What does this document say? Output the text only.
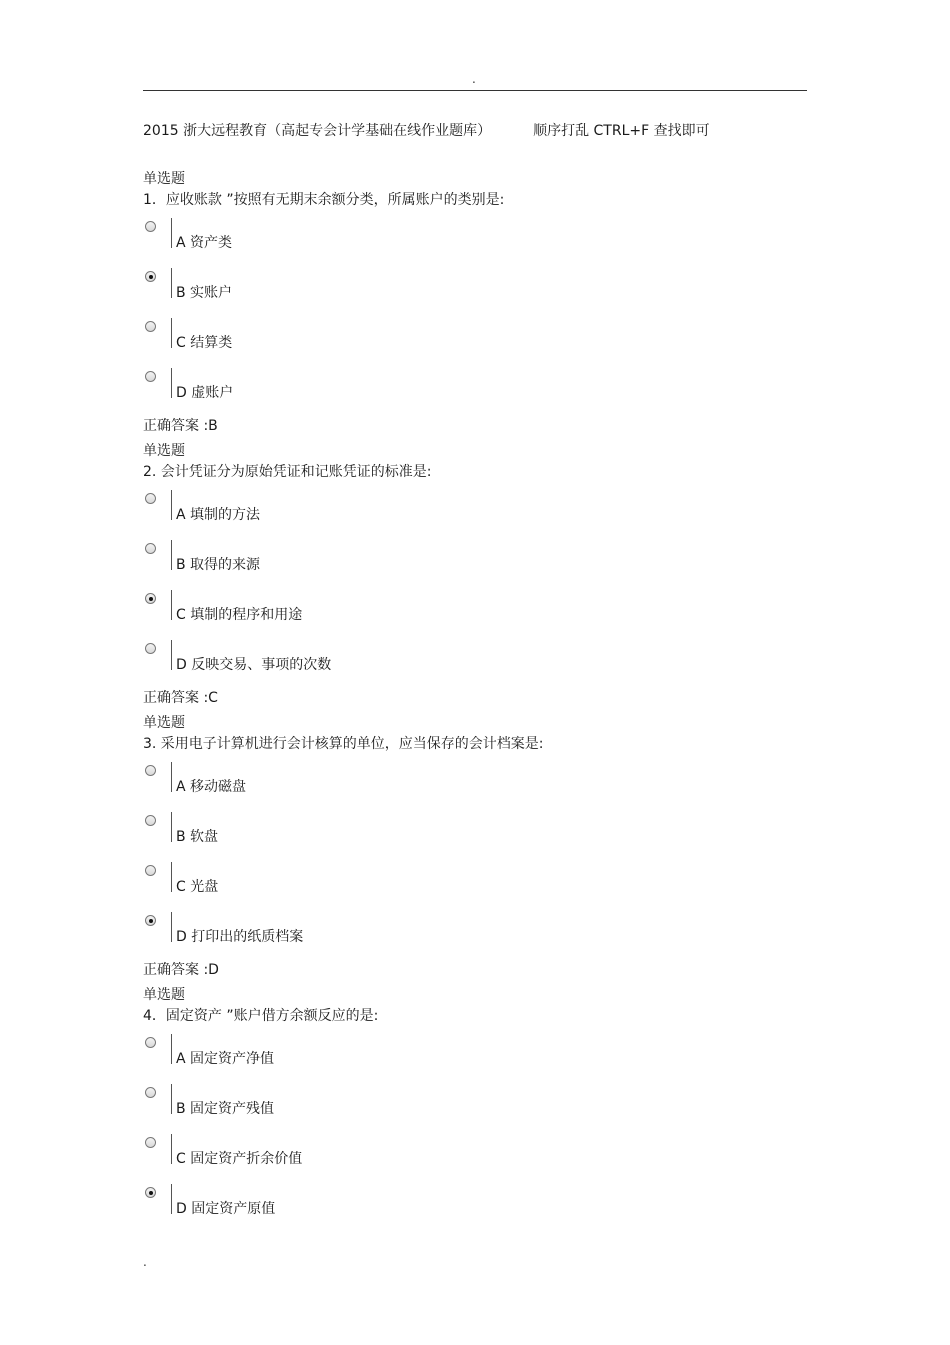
.
2015 浙大远程教育（高起专会计学基础在线作业题库）	顺序打乱 CTRL+F 查找即可
单选题
1．应收账款 ”按照有无期末余额分类，所属账户的类别是:
A 资产类
B 实账户
C 结算类
D 虚账户
正确答案 :B
单选题
2. 会计凭证分为原始凭证和记账凭证的标准是:
A 填制的方法
B 取得的来源
C 填制的程序和用途
D 反映交易、事项的次数
正确答案 :C
单选题
3. 采用电子计算机进行会计核算的单位，应当保存的会计档案是:
A 移动磁盘
B 软盘
C 光盘
D 打印出的纸质档案
正确答案 :D
单选题
4．固定资产 ”账户借方余额反应的是:
A 固定资产净值
B 固定资产残值
C 固定资产折余价值
D 固定资产原值
.
